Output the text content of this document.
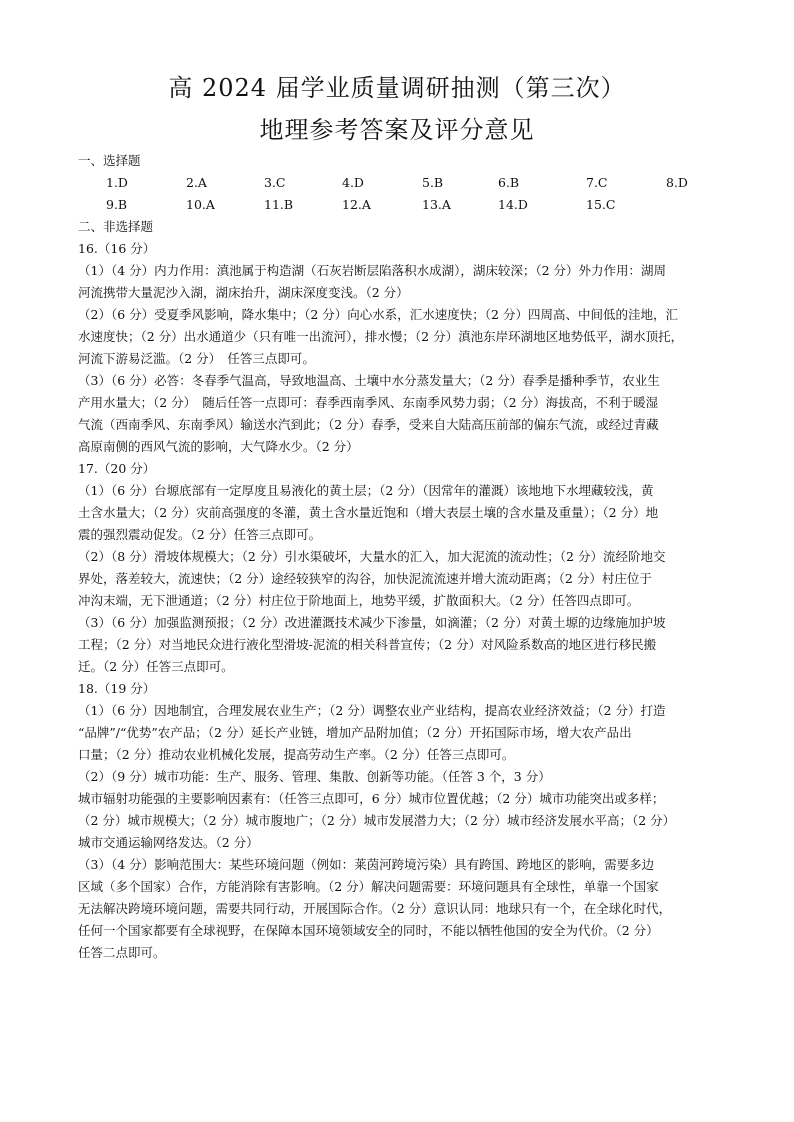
高 2024 届学业质量调研抽测（第三次）
地理参考答案及评分意见
一、选择题
1.D	2.A	3.C	4.D	5.B	6.B	7.C	8.D
9.B	10.A	11.B	12.A	13.A	14.D	15.C
二、非选择题
16.（16 分）
（1）（4 分）内力作用：滇池属于构造湖（石灰岩断层陷落积水成湖），湖床较深；（2 分）外力作用：湖周
河流携带大量泥沙入湖，湖床抬升，湖床深度变浅。（2 分）
（2）（6 分）受夏季风影响，降水集中；（2 分）向心水系，汇水速度快；（2 分）四周高、中间低的洼地，汇
水速度快；（2 分）出水通道少（只有唯一出流河），排水慢；（2 分）滇池东岸环湖地区地势低平，湖水顶托，
河流下游易泛滥。（2 分）　任答三点即可。
（3）（6 分）必答：冬春季气温高，导致地温高、土壤中水分蒸发量大；（2 分）春季是播种季节，农业生
产用水量大；（2 分）　随后任答一点即可：春季西南季风、东南季风势力弱；（2 分）海拔高，不利于暖湿
气流（西南季风、东南季风）输送水汽到此；（2 分）春季，受来自大陆高压前部的偏东气流，或经过青藏
高原南侧的西风气流的影响，大气降水少。（2 分）
17.（20 分）
（1）（6 分）台塬底部有一定厚度且易液化的黄土层；（2 分）（因常年的灌溉）该地地下水埋藏较浅，黄
土含水量大；（2 分）灾前高强度的冬灌，黄土含水量近饱和（增大表层土壤的含水量及重量）；（2 分）地
震的强烈震动促发。（2 分）任答三点即可。
（2）（8 分）滑坡体规模大；（2 分）引水渠破坏，大量水的汇入，加大泥流的流动性；（2 分）流经阶地交
界处，落差较大，流速快；（2 分）途经较狭窄的沟谷，加快泥流流速并增大流动距离；（2 分）村庄位于
冲沟末端，无下泄通道；（2 分）村庄位于阶地面上，地势平缓，扩散面积大。（2 分）任答四点即可。
（3）（6 分）加强监测预报；（2 分）改进灌溉技术减少下渗量，如滴灌；（2 分）对黄土塬的边缘施加护坡
工程；（2 分）对当地民众进行液化型滑坡-泥流的相关科普宣传；（2 分）对风险系数高的地区进行移民搬
迁。（2 分）任答三点即可。
18.（19 分）
（1）（6 分）因地制宜，合理发展农业生产；（2 分）调整农业产业结构，提高农业经济效益；（2 分）打造
“品牌”/“优势”农产品；（2 分）延长产业链，增加产品附加值；（2 分）开拓国际市场，增大农产品出
口量；（2 分）推动农业机械化发展，提高劳动生产率。（2 分）任答三点即可。
（2）（9 分）城市功能：生产、服务、管理、集散、创新等功能。（任答 3 个，3 分）
城市辐射功能强的主要影响因素有：（任答三点即可，6 分）城市位置优越；（2 分）城市功能突出或多样；
（2 分）城市规模大；（2 分）城市腹地广；（2 分）城市发展潜力大；（2 分）城市经济发展水平高；（2 分）
城市交通运输网络发达。（2 分）
（3）（4 分）影响范围大：某些环境问题（例如：莱茵河跨境污染）具有跨国、跨地区的影响，需要多边
区域（多个国家）合作，方能消除有害影响。（2 分）解决问题需要：环境问题具有全球性，单靠一个国家
无法解决跨境环境问题，需要共同行动，开展国际合作。（2 分）意识认同：地球只有一个，在全球化时代，
任何一个国家都要有全球视野，在保障本国环境领域安全的同时，不能以牺牲他国的安全为代价。（2 分）
任答二点即可。
